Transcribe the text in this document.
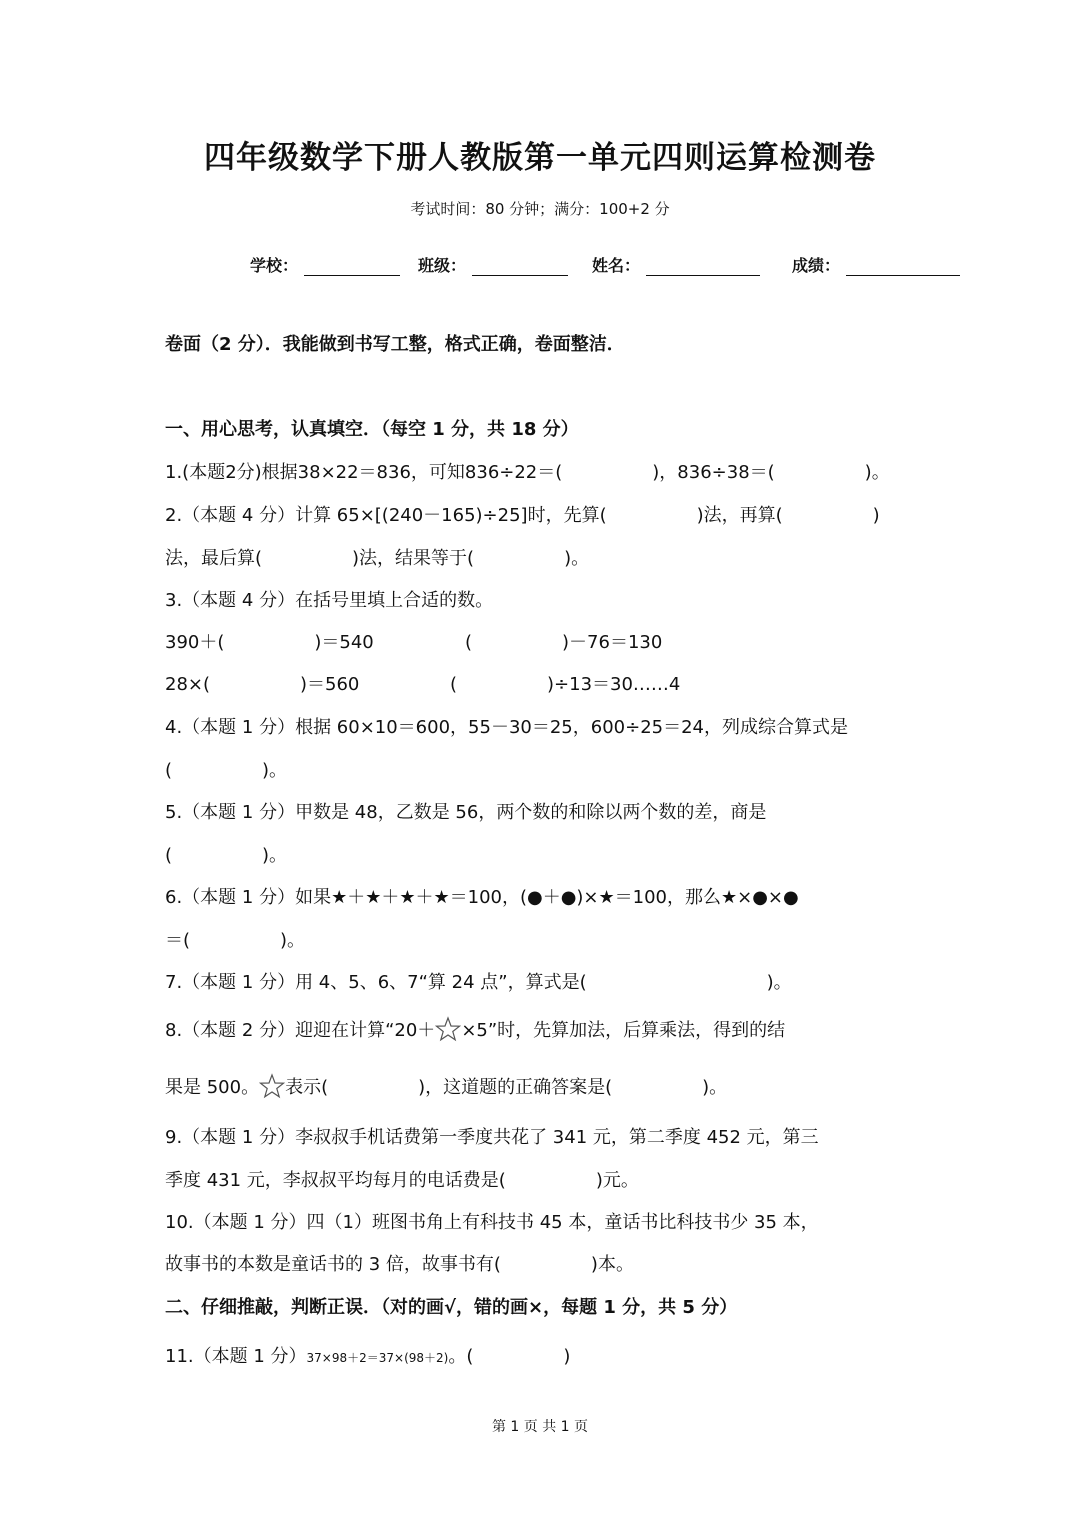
四年级数学下册人教版第一单元四则运算检测卷
考试时间：80 分钟；满分：100+2 分
学校：	班级：	姓名：	成绩：
卷面（2 分）．我能做到书写工整，格式正确，卷面整洁．
一、用心思考，认真填空．（每空 1 分，共 18 分）
1.(本题2分)根据38×22＝836，可知836÷22＝(　　　　　)，836÷38＝(　　　　　)。
2.（本题 4 分）计算 65×[(240－165)÷25]时，先算(　　　　　)法，再算(　　　　　)
法，最后算(　　　　　)法，结果等于(　　　　　)。
3.（本题 4 分）在括号里填上合适的数。
390＋(　　　　　)＝540	(　　　　　)－76＝130
28×(　　　　　)＝560	(　　　　　)÷13＝30……4
4.（本题 1 分）根据 60×10＝600，55－30＝25，600÷25＝24，列成综合算式是
(　　　　　)。
5.（本题 1 分）甲数是 48，乙数是 56，两个数的和除以两个数的差，商是
(　　　　　)。
6.（本题 1 分）如果★＋★＋★＋★＝100，(●＋●)×★＝100，那么★×●×●
＝(　　　　　)。
7.（本题 1 分）用 4、5、6、7“算 24 点”，算式是(　　　　　　　　　　)。
8.（本题 2 分）迎迎在计算“20＋ ×5”时，先算加法，后算乘法，得到的结
果是 500。 表示(　　　　　)，这道题的正确答案是(　　　　　)。
9.（本题 1 分）李叔叔手机话费第一季度共花了 341 元，第二季度 452 元，第三
季度 431 元，李叔叔平均每月的电话费是(　　　　　)元。
10.（本题 1 分）四（1）班图书角上有科技书 45 本，童话书比科技书少 35 本，
故事书的本数是童话书的 3 倍，故事书有(　　　　　)本。
二、仔细推敲，判断正误．（对的画√，错的画×，每题 1 分，共 5 分）
11.（本题 1 分）37×98＋2＝37×(98＋2)。(　　　　　)
第 1 页 共 1 页
